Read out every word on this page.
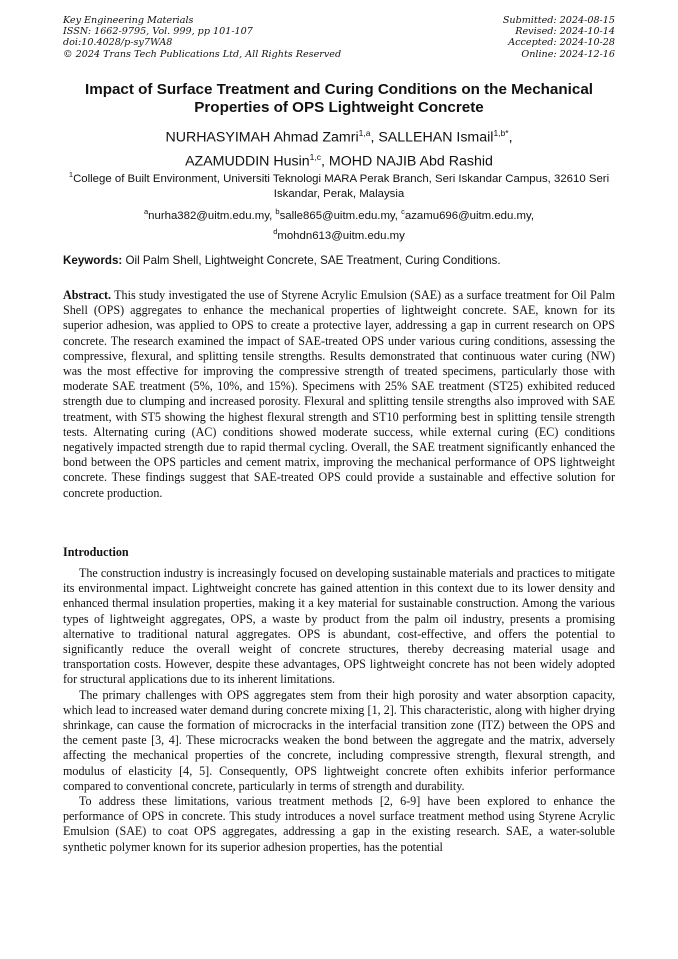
Key Engineering Materials
ISSN: 1662-9795, Vol. 999, pp 101-107
doi:10.4028/p-sy7WA8
© 2024 Trans Tech Publications Ltd, All Rights Reserved
Submitted: 2024-08-15
Revised: 2024-10-14
Accepted: 2024-10-28
Online: 2024-12-16
Impact of Surface Treatment and Curing Conditions on the Mechanical Properties of OPS Lightweight Concrete
NURHASYIMAH Ahmad Zamri$^{1,a}$, SALLEHAN Ismail$^{1,b*}$,
AZAMUDDIN Husin$^{1,c}$, MOHD NAJIB Abd Rashid
$^1$College of Built Environment, Universiti Teknologi MARA Perak Branch, Seri Iskandar Campus, 32610 Seri Iskandar, Perak, Malaysia
$^a$nurha382@uitm.edu.my, $^b$salle865@uitm.edu.my, $^c$azamu696@uitm.edu.my,
$^d$mohdn613@uitm.edu.my
Keywords: Oil Palm Shell, Lightweight Concrete, SAE Treatment, Curing Conditions.
Abstract. This study investigated the use of Styrene Acrylic Emulsion (SAE) as a surface treatment for Oil Palm Shell (OPS) aggregates to enhance the mechanical properties of lightweight concrete. SAE, known for its superior adhesion, was applied to OPS to create a protective layer, addressing a gap in current research on OPS concrete. The research examined the impact of SAE-treated OPS under various curing conditions, assessing the compressive, flexural, and splitting tensile strengths. Results demonstrated that continuous water curing (NW) was the most effective for improving the compressive strength of treated specimens, particularly those with moderate SAE treatment (5%, 10%, and 15%). Specimens with 25% SAE treatment (ST25) exhibited reduced strength due to clumping and increased porosity. Flexural and splitting tensile strengths also improved with SAE treatment, with ST5 showing the highest flexural strength and ST10 performing best in splitting tensile strength tests. Alternating curing (AC) conditions showed moderate success, while external curing (EC) conditions negatively impacted strength due to rapid thermal cycling. Overall, the SAE treatment significantly enhanced the bond between the OPS particles and cement matrix, improving the mechanical performance of OPS lightweight concrete. These findings suggest that SAE-treated OPS could provide a sustainable and effective solution for concrete production.
Introduction

The construction industry is increasingly focused on developing sustainable materials and practices to mitigate its environmental impact. Lightweight concrete has gained attention in this context due to its lower density and enhanced thermal insulation properties, making it a key material for sustainable construction. Among the various types of lightweight aggregates, OPS, a waste by product from the palm oil industry, presents a promising alternative to traditional natural aggregates. OPS is abundant, cost-effective, and offers the potential to significantly reduce the overall weight of concrete structures, thereby decreasing material usage and transportation costs. However, despite these advantages, OPS lightweight concrete has not been widely adopted for structural applications due to its inherent limitations.

The primary challenges with OPS aggregates stem from their high porosity and water absorption capacity, which lead to increased water demand during concrete mixing [1, 2]. This characteristic, along with higher drying shrinkage, can cause the formation of microcracks in the interfacial transition zone (ITZ) between the OPS and the cement paste [3, 4]. These microcracks weaken the bond between the aggregate and the matrix, adversely affecting the mechanical properties of the concrete, including compressive strength, flexural strength, and modulus of elasticity [4, 5]. Consequently, OPS lightweight concrete often exhibits inferior performance compared to conventional concrete, particularly in terms of strength and durability.

To address these limitations, various treatment methods [2, 6-9] have been explored to enhance the performance of OPS in concrete. This study introduces a novel surface treatment method using Styrene Acrylic Emulsion (SAE) to coat OPS aggregates, addressing a gap in the existing research. SAE, a water-soluble synthetic polymer known for its superior adhesion properties, has the potential
